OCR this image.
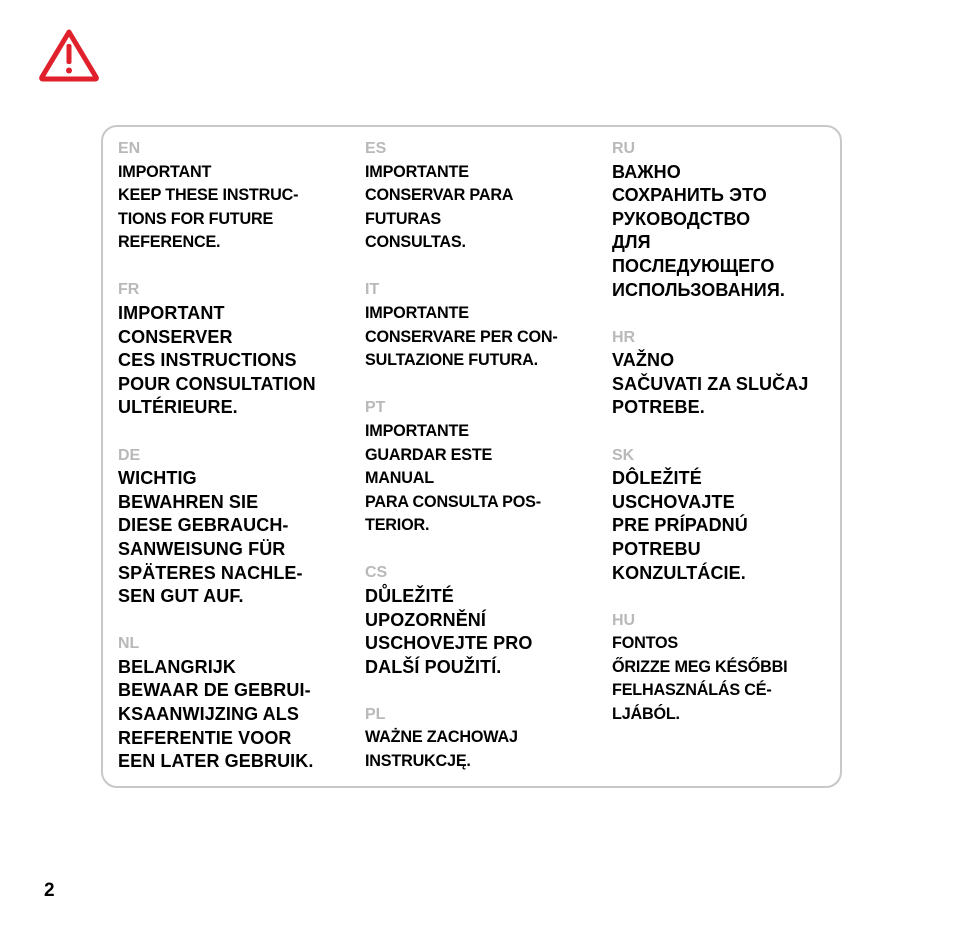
EN
IMPORTANT
KEEP THESE INSTRUC-
TIONS FOR FUTURE
REFERENCE.
FR
IMPORTANT
CONSERVER
CES INSTRUCTIONS
POUR CONSULTATION
ULTÉRIEURE.
DE
WICHTIG
BEWAHREN SIE
DIESE GEBRAUCH-
SANWEISUNG FÜR
SPÄTERES NACHLE-
SEN GUT AUF.
NL
BELANGRIJK
BEWAAR DE GEBRUI-
KSAANWIJZING ALS
REFERENTIE VOOR
EEN LATER GEBRUIK.
ES
IMPORTANTE
CONSERVAR PARA
FUTURAS
CONSULTAS.
IT
IMPORTANTE
CONSERVARE PER CON-
SULTAZIONE FUTURA.
PT
IMPORTANTE
GUARDAR ESTE
MANUAL
PARA CONSULTA POS-
TERIOR.
CS
DŮLEŽITÉ
UPOZORNĚNÍ
USCHOVEJTE PRO
DALŠÍ POUŽITÍ.
PL
WAŻNE ZACHOWAJ
INSTRUKCJĘ.
RU
ВАЖНО
СОХРАНИТЬ ЭТО
РУКОВОДСТВО
ДЛЯ
ПОСЛЕДУЮЩЕГО
ИСПОЛЬЗОВАНИЯ.
HR
VAŽNO
SAČUVATI ZA SLUČAJ
POTREBE.
SK
DÔLEŽITÉ
USCHOVAJTE
PRE PRÍPADNÚ
POTREBU
KONZULTÁCIE.
HU
FONTOS
ŐRIZZE MEG KÉSŐBBI
FELHASZNÁLÁS CÉ-
LJÁBÓL.
2
